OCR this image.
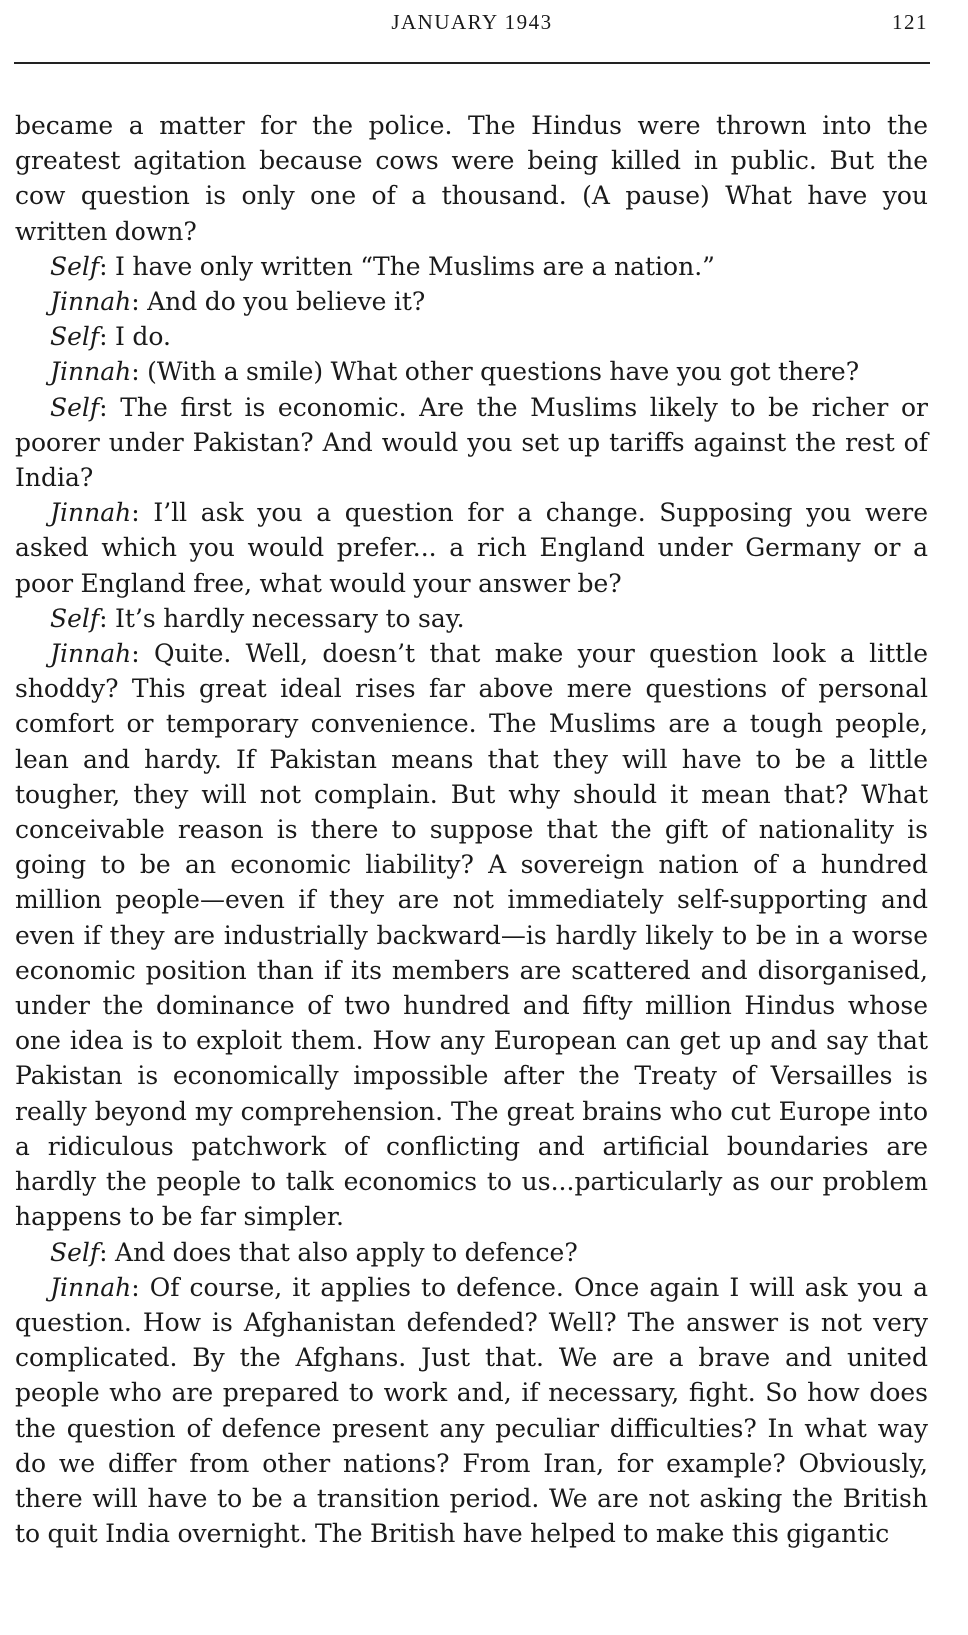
JANUARY 1943	121

became a matter for the police. The Hindus were thrown into the greatest agitation because cows were being killed in public. But the cow question is only one of a thousand. (A pause) What have you written down?

Self: I have only written “The Muslims are a nation.”

Jinnah: And do you believe it?

Self: I do.

Jinnah: (With a smile) What other questions have you got there?

Self: The first is economic. Are the Muslims likely to be richer or poorer under Pakistan? And would you set up tariffs against the rest of India?

Jinnah: I’ll ask you a question for a change. Supposing you were asked which you would prefer... a rich England under Germany or a poor England free, what would your answer be?

Self: It’s hardly necessary to say.

Jinnah: Quite. Well, doesn’t that make your question look a little shoddy? This great ideal rises far above mere questions of personal comfort or temporary convenience. The Muslims are a tough people, lean and hardy. If Pakistan means that they will have to be a little tougher, they will not complain. But why should it mean that? What conceivable reason is there to suppose that the gift of nationality is going to be an economic liability? A sovereign nation of a hundred million people—even if they are not immediately self-supporting and even if they are industrially backward—is hardly likely to be in a worse economic position than if its members are scattered and disorganised, under the dominance of two hundred and fifty million Hindus whose one idea is to exploit them. How any European can get up and say that Pakistan is economically impossible after the Treaty of Versailles is really beyond my comprehension. The great brains who cut Europe into a ridiculous patchwork of conflicting and artificial boundaries are hardly the people to talk economics to us...particularly as our problem happens to be far simpler.

Self: And does that also apply to defence?

Jinnah: Of course, it applies to defence. Once again I will ask you a question. How is Afghanistan defended? Well? The answer is not very complicated. By the Afghans. Just that. We are a brave and united people who are prepared to work and, if necessary, fight. So how does the question of defence present any peculiar difficulties? In what way do we differ from other nations? From Iran, for example? Obviously, there will have to be a transition period. We are not asking the British to quit India overnight. The British have helped to make this gigantic
